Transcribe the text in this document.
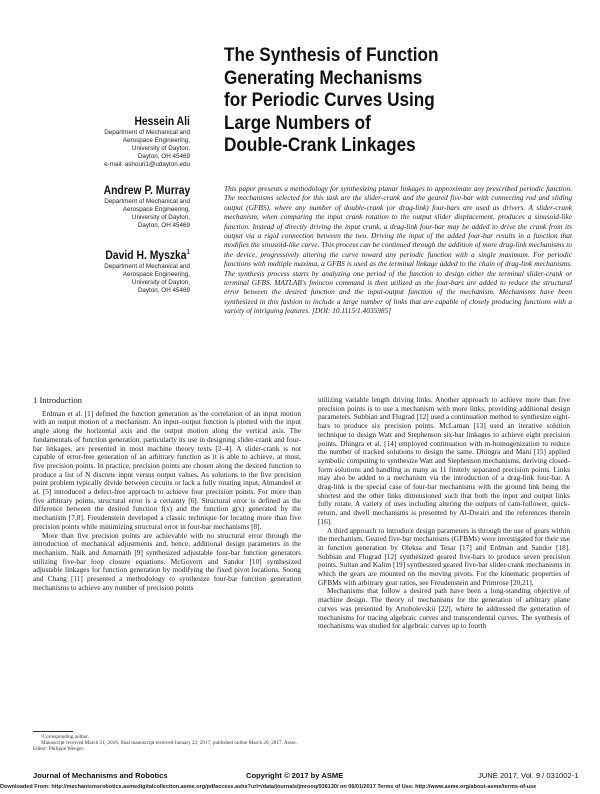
The Synthesis of Function
Generating Mechanisms
for Periodic Curves Using
Large Numbers of
Double-Crank Linkages
Hessein Ali
Department of Mechanical and
Aerospace Engineering,
University of Dayton,
Dayton, OH 45469
e-mail: ashouri1@udayton.edu
Andrew P. Murray
Department of Mechanical and
Aerospace Engineering,
University of Dayton,
Dayton, OH 45469
David H. Myszka$^1$
Department of Mechanical and
Aerospace Engineering,
University of Dayton,
Dayton, OH 45469
This paper presents a methodology for synthesizing planar linkages to approximate any prescribed periodic function. The mechanisms selected for this task are the slider-crank and the geared five-bar with connecting rod and sliding output (GFBS), where any number of double-crank (or drag-link) four-bars are used as drivers. A slider-crank mechanism, when comparing the input crank rotation to the output slider displacement, produces a sinusoid-like function. Instead of directly driving the input crank, a drag-link four-bar may be added to drive the crank from its output via a rigid connection between the two. Driving the input of the added four-bar results in a function that modifies the sinusoid-like curve. This process can be continued through the addition of more drag-link mechanisms to the device, progressively altering the curve toward any periodic function with a single maximum. For periodic functions with multiple maxima, a GFBS is used as the terminal linkage added to the chain of drag-link mechanisms. The synthesis process starts by analyzing one period of the function to design either the terminal slider-crank or terminal GFBS. MATLAB's fmincon command is then utilized as the four-bars are added to reduce the structural error between the desired function and the input-output function of the mechanism. Mechanisms have been synthesized in this fashion to include a large number of links that are capable of closely producing functions with a variety of intriguing features. [DOI: 10.1115/1.4035985]
1 Introduction

Erdman et al. [1] defined the function generation as the correlation of an input motion with an output motion of a mechanism. An input–output function is plotted with the input angle along the horizontal axis and the output motion along the vertical axis. The fundamentals of function generation, particularly its use in designing slider-crank and four-bar linkages, are presented in most machine theory texts [2–4]. A slider-crank is not capable of error-free generation of an arbitrary function as it is able to achieve, at most, five precision points. In practice, precision points are chosen along the desired function to produce a list of N discrete input versus output values. As solutions to the five precision point problem typically divide between circuits or lack a fully rotating input, Almandeel et al. [5] introduced a defect-free approach to achieve four precision points. For more than five arbitrary points, structural error is a certainty [6]. Structural error is defined as the difference between the desired function f(x) and the function g(x) generated by the mechanism [7,8]. Freudenstein developed a classic technique for locating more than five precision points while minimizing structural error in four-bar mechanisms [8].

More than five precision points are achievable with no structural error through the introduction of mechanical adjustments and, hence, additional design parameters in the mechanism. Naik and Amarnath [9] synthesized adjustable four-bar function generators utilizing five-bar loop closure equations. McGovern and Sandor [10] synthesized adjustable linkages for function generation by modifying the fixed pivot locations. Soong and Chang [11] presented a methodology to synthesize four-bar function generation mechanisms to achieve any number of precision points

utilizing variable length driving links. Another approach to achieve more than five precision points is to use a mechanism with more links, providing additional design parameters. Subbian and Flugrad [12] used a continuation method to synthesize eight-bars to produce six precision points. McLarnan [13] used an iterative solution technique to design Watt and Stephenson six-bar linkages to achieve eight precision points. Dhingra et al. [14] employed continuation with m-homogenization to reduce the number of tracked solutions to design the same. Dhingra and Mani [15] applied symbolic computing to synthesize Watt and Stephenson mechanisms, deriving closed-form solutions and handling as many as 11 finitely separated precision points. Links may also be added to a mechanism via the introduction of a drag-link four-bar. A drag-link is the special case of four-bar mechanisms with the ground link being the shortest and the other links dimensioned such that both the input and output links fully rotate. A variety of uses including altering the outputs of cam-follower, quick-return, and dwell mechanisms is presented by Al-Dwairi and the references therein [16].

A third approach to introduce design parameters is through the use of gears within the mechanism. Geared five-bar mechanisms (GFBMs) were investigated for their use in function generation by Oleksa and Tesar [17] and Erdman and Sandor [18]. Subbian and Flugrad [12] synthesized geared five-bars to produce seven precision points. Sultan and Kalim [19] synthesized geared five-bar slider-crank mechanisms in which the gears are mounted on the moving pivots. For the kinematic properties of GFBMs with arbitrary gear ratios, see Freudenstein and Primrose [20,21].

Mechanisms that follow a desired path have been a long-standing objective of machine design. The theory of mechanisms for the generation of arbitrary plane curves was presented by Artobolevskii [22], where he addressed the generation of mechanisms for tracing algebraic curves and transcendental curves. The synthesis of mechanisms was studied for algebraic curves up to fourth

¹Corresponding author.
Manuscript received March 21, 2016; final manuscript received January 22, 2017; published online March 20, 2017. Assoc. Editor: Philippe Wenger.
Journal of Mechanisms and Robotics	Copyright © 2017 by ASME	JUNE 2017, Vol. 9 / 031002-1
Downloaded From: http://mechanismsrobotics.asmedigitalcollection.asme.org/pdfaccess.ashx?url=/data/journals/jmrooq/936130/ on 06/01/2017 Terms of Use: http://www.asme.org/about-asme/terms-of-use
